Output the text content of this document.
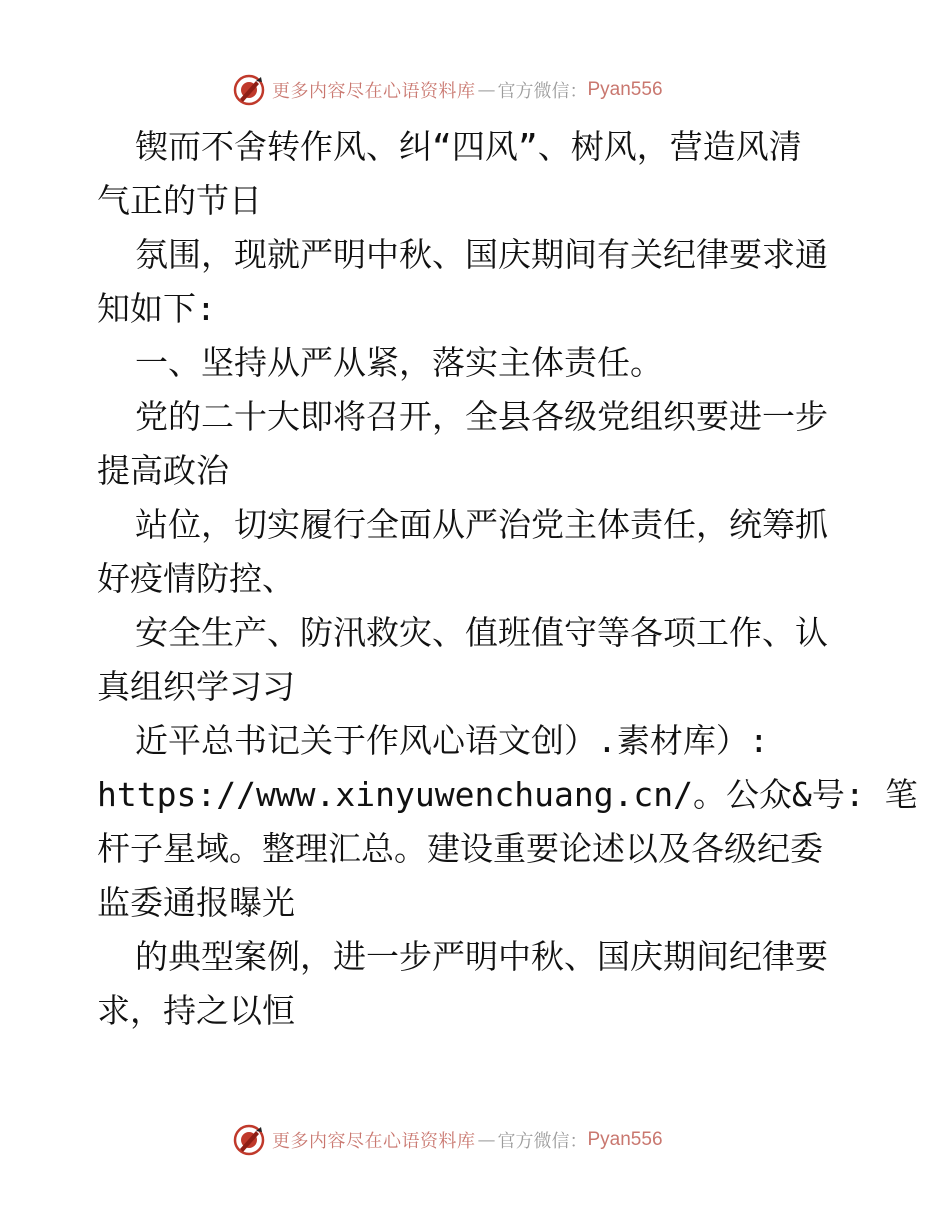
更多内容尽在心语资料库 — 官方微信： Pyan556

锲而不舍转作风、纠“四风”、树风，营造风清

气正的节日

氛围，现就严明中秋、国庆期间有关纪律要求通

知如下:

一、坚持从严从紧，落实主体责任。

党的二十大即将召开，全县各级党组织要进一步

提高政治

站位，切实履行全面从严治党主体责任，统筹抓

好疫情防控、

安全生产、防汛救灾、值班值守等各项工作、认

真组织学习习

近平总书记关于作风心语文创）.素材库）:

https://www.xinyuwenchuang.cn/。公众&号: 笔

杆子星域。整理汇总。建设重要论述以及各级纪委

监委通报曝光

的典型案例，进一步严明中秋、国庆期间纪律要

求，持之以恒

更多内容尽在心语资料库 — 官方微信： Pyan556
